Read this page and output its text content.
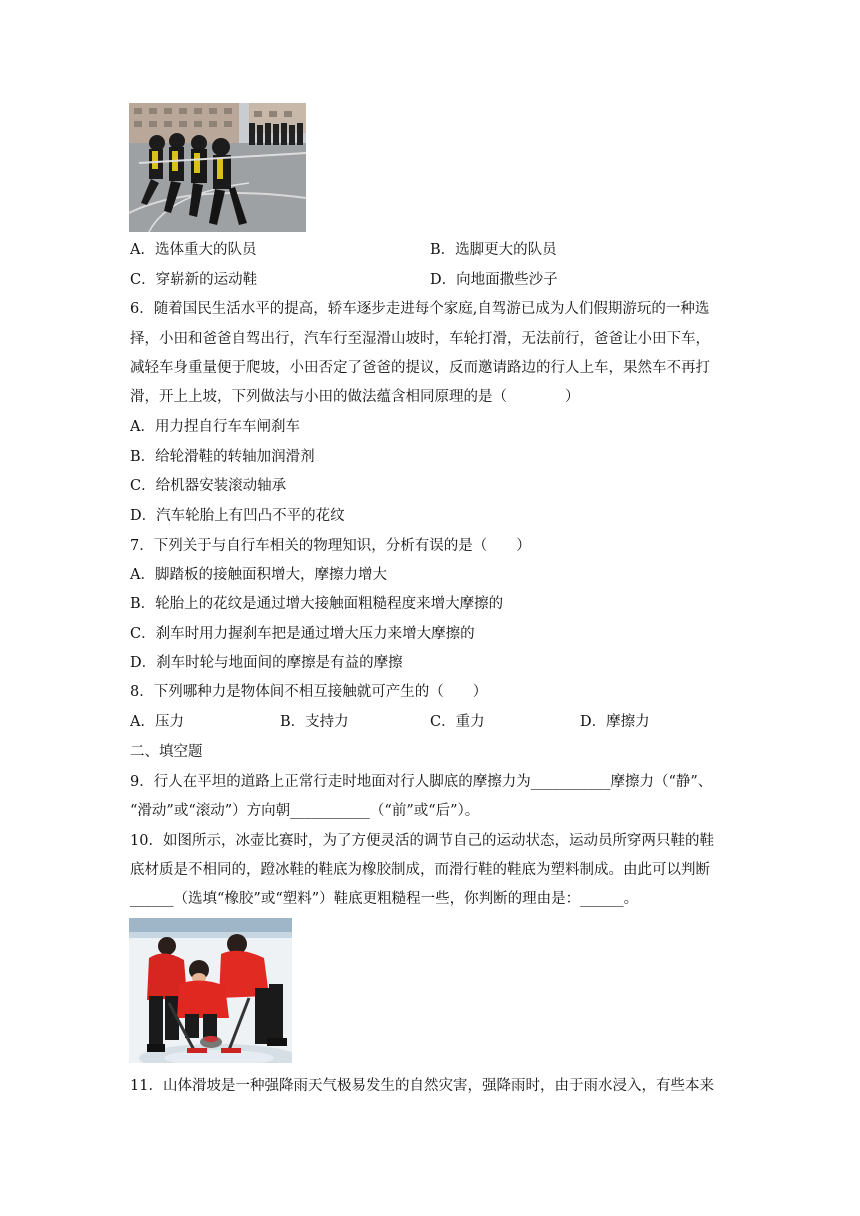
A．选体重大的队员	B．选脚更大的队员
C．穿崭新的运动鞋	D．向地面撒些沙子
6．随着国民生活水平的提高，轿车逐步走进每个家庭,自驾游已成为人们假期游玩的一种选
择，小田和爸爸自驾出行，汽车行至湿滑山坡时，车轮打滑，无法前行，爸爸让小田下车，
减轻车身重量便于爬坡，小田否定了爸爸的提议，反而邀请路边的行人上车，果然车不再打
滑，开上上坡，下列做法与小田的做法蕴含相同原理的是（　　　　）
A．用力捏自行车车闸刹车
B．给轮滑鞋的转轴加润滑剂
C．给机器安装滚动轴承
D．汽车轮胎上有凹凸不平的花纹
7．下列关于与自行车相关的物理知识，分析有误的是（　　）
A．脚踏板的接触面积增大，摩擦力增大
B．轮胎上的花纹是通过增大接触面粗糙程度来增大摩擦的
C．刹车时用力握刹车把是通过增大压力来增大摩擦的
D．刹车时轮与地面间的摩擦是有益的摩擦
8．下列哪种力是物体间不相互接触就可产生的（　　）
A．压力	B．支持力	C．重力	D．摩擦力
二、填空题
9．行人在平坦的道路上正常行走时地面对行人脚底的摩擦力为___________摩擦力（“静”、
“滑动”或“滚动”）方向朝___________（“前”或“后”）。
10．如图所示，冰壶比赛时，为了方便灵活的调节自己的运动状态，运动员所穿两只鞋的鞋
底材质是不相同的，蹬冰鞋的鞋底为橡胶制成，而滑行鞋的鞋底为塑料制成。由此可以判断
______（选填“橡胶”或“塑料”）鞋底更粗糙程一些，你判断的理由是：______。
11．山体滑坡是一种强降雨天气极易发生的自然灾害，强降雨时，由于雨水浸入，有些本来
